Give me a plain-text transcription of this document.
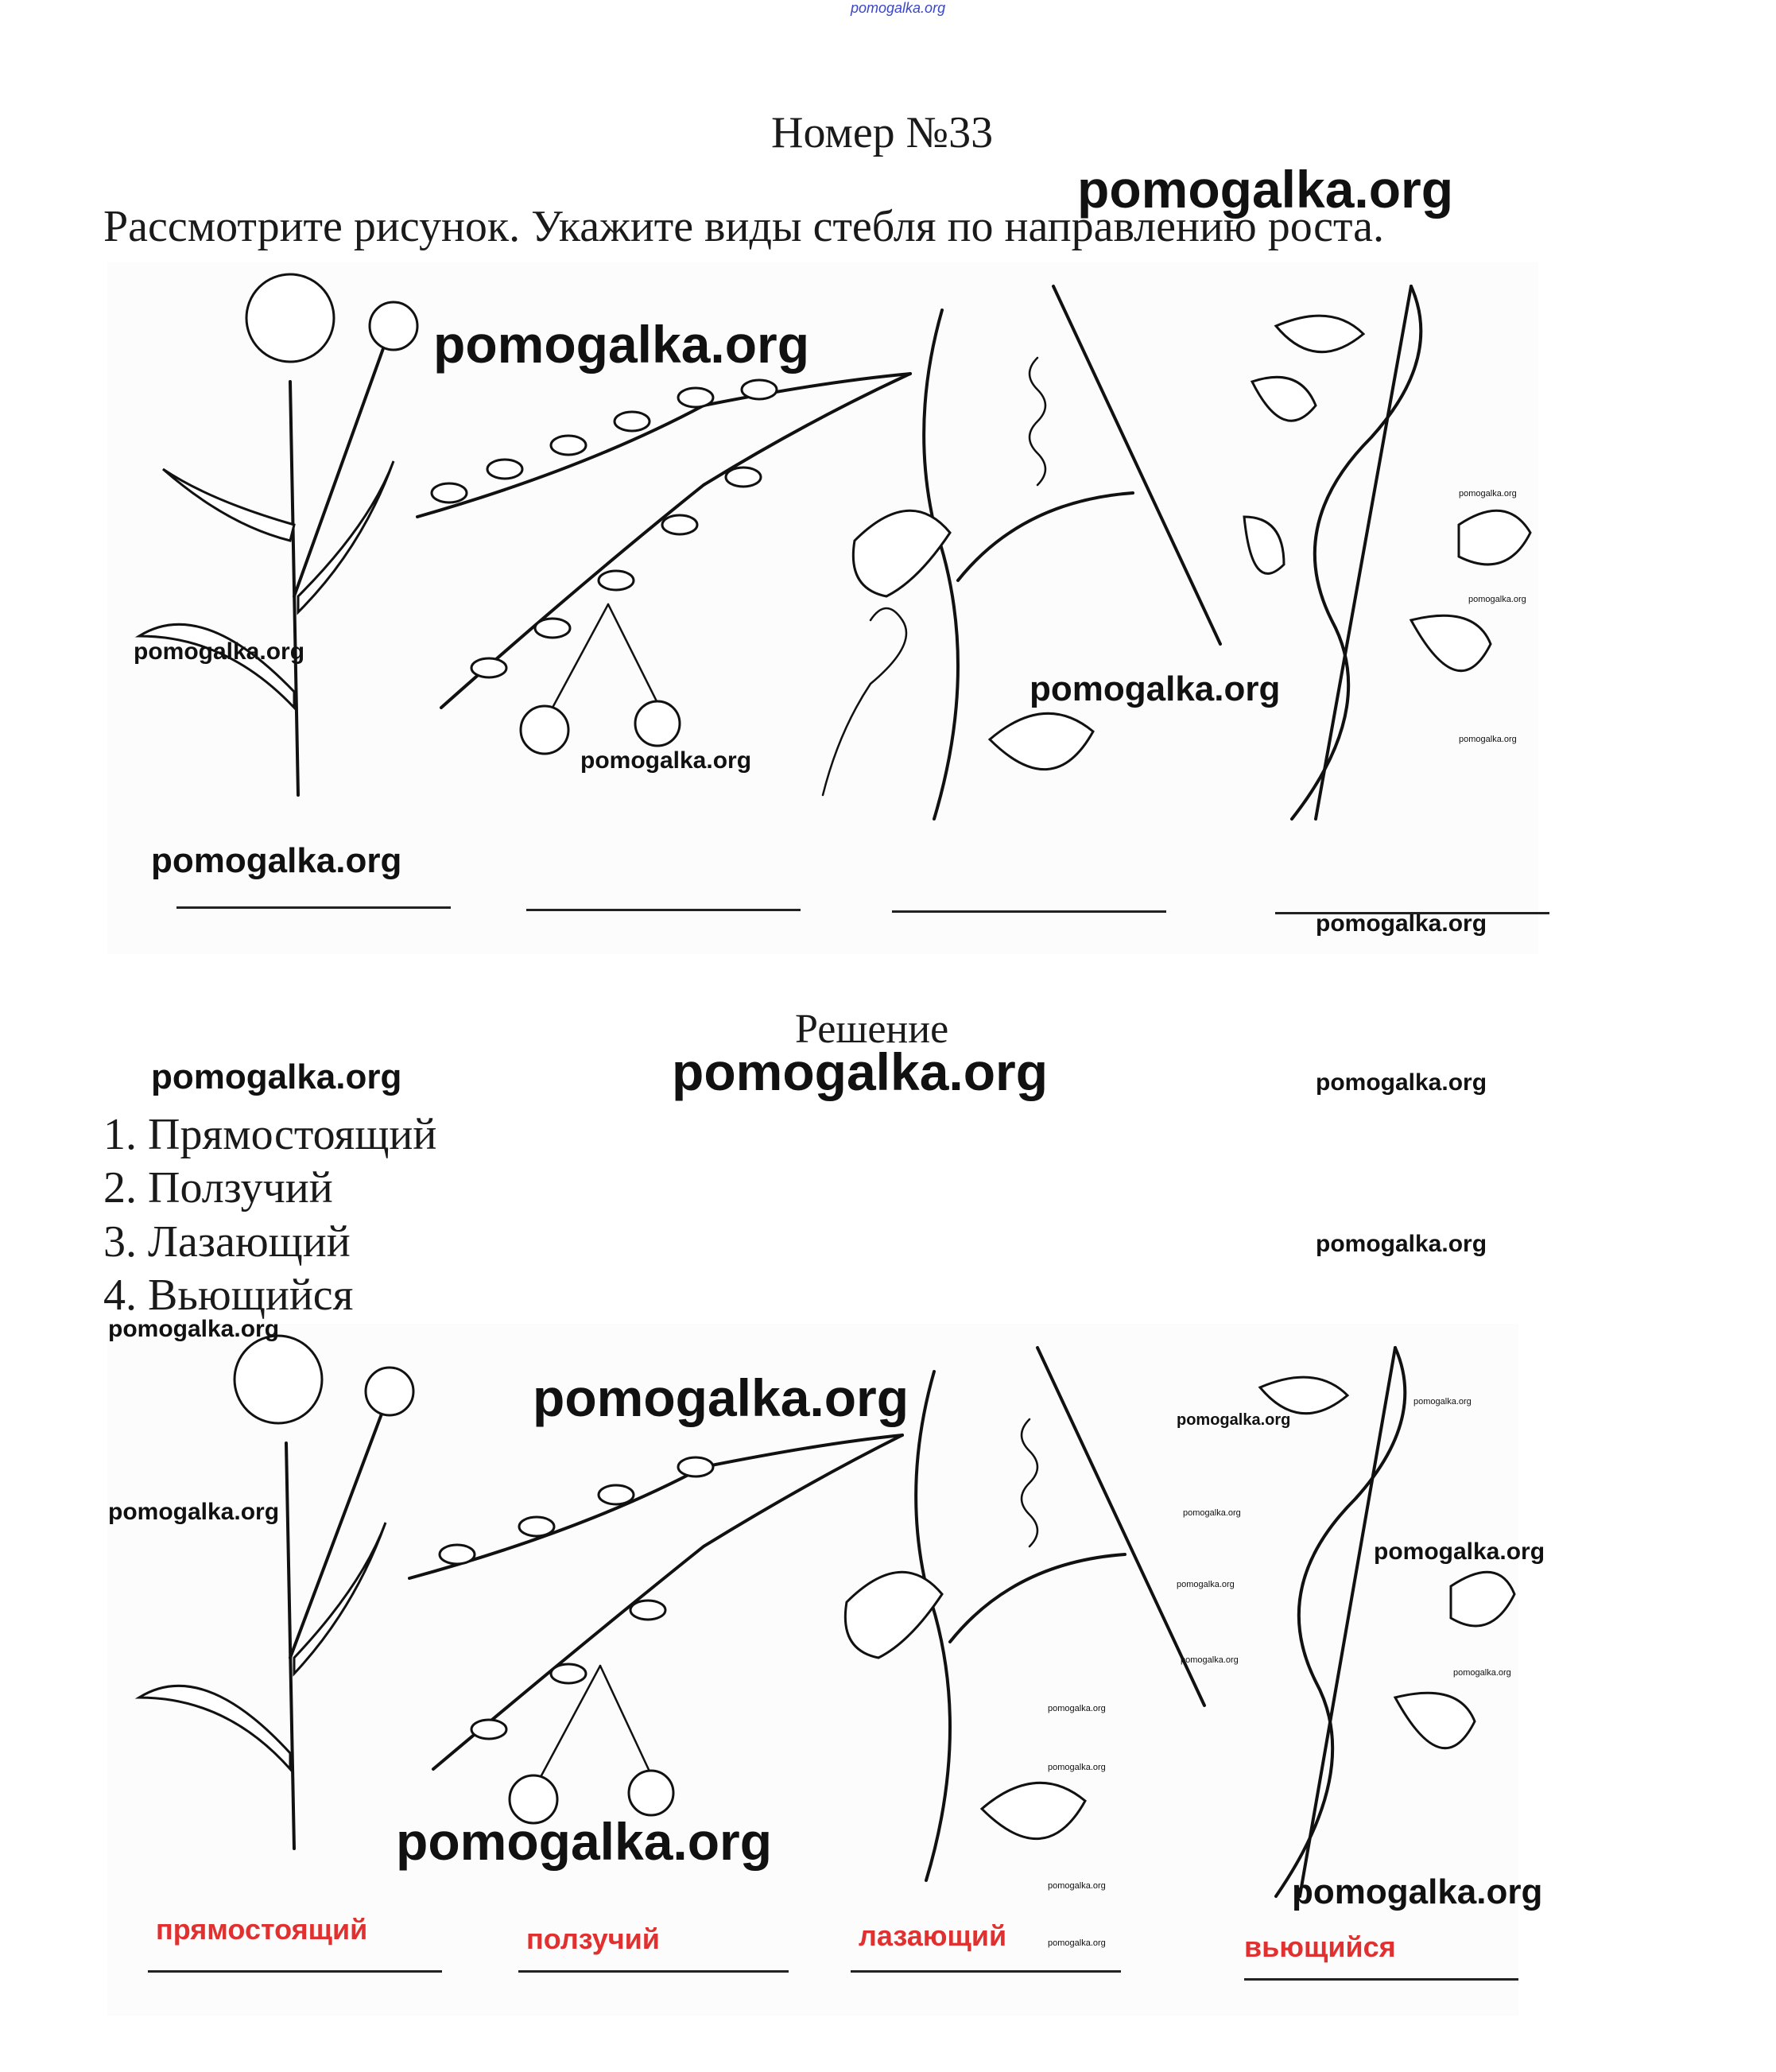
pomogalka.org
Номер №33
Рассмотрите рисунок. Укажите виды стебля по направлению роста.
Решение
1. Прямостоящий
2. Ползучий
3. Лазающий
4. Вьющийся
прямостоящий	ползучий	лазающий	вьющийся
pomogalka.org
pomogalka.org
pomogalka.org
pomogalka.org
pomogalka.org
pomogalka.org
pomogalka.org
pomogalka.org
pomogalka.org
pomogalka.org
pomogalka.org	pomogalka.org	pomogalka.org
pomogalka.org
pomogalka.org
pomogalka.org	pomogalka.org
pomogalka.org
pomogalka.org	pomogalka.org
pomogalka.org
pomogalka.org
pomogalka.org
pomogalka.org
pomogalka.org
pomogalka.org
pomogalka.org
pomogalka.org	pomogalka.org
pomogalka.org
